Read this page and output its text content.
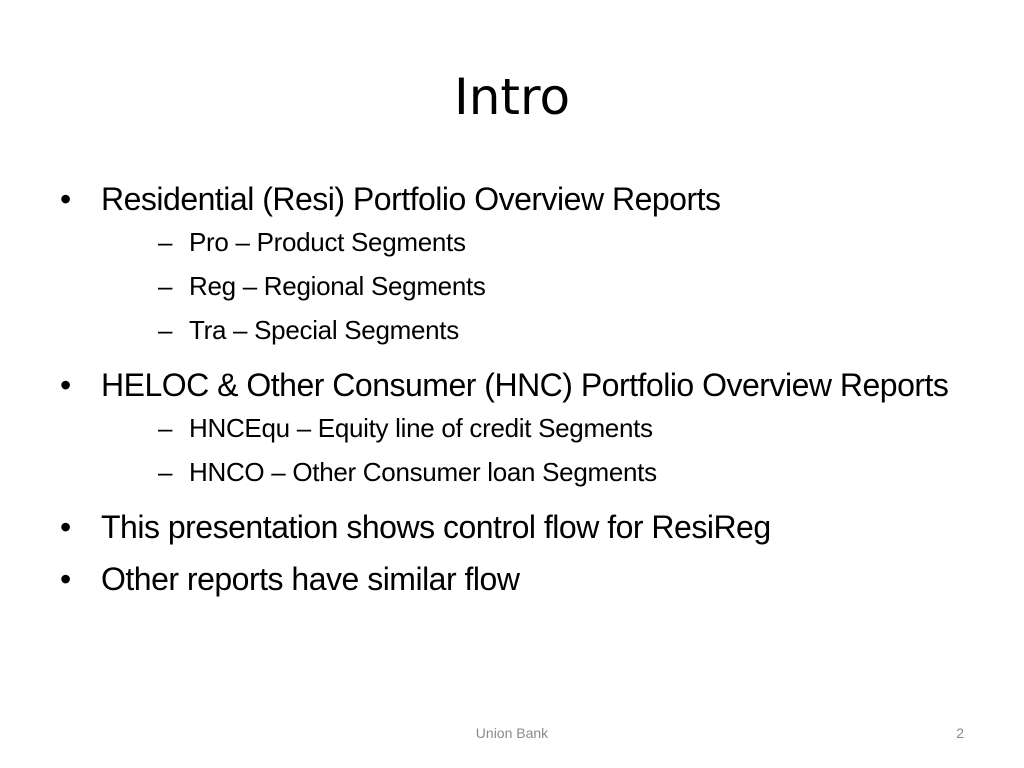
Intro
• Residential (Resi) Portfolio Overview Reports
– Pro – Product Segments
– Reg – Regional Segments
– Tra – Special Segments
• HELOC & Other Consumer (HNC) Portfolio Overview Reports
– HNCEqu – Equity line of credit Segments
– HNCO – Other Consumer loan Segments
• This presentation shows control flow for ResiReg
• Other reports have similar flow
Union Bank	2
